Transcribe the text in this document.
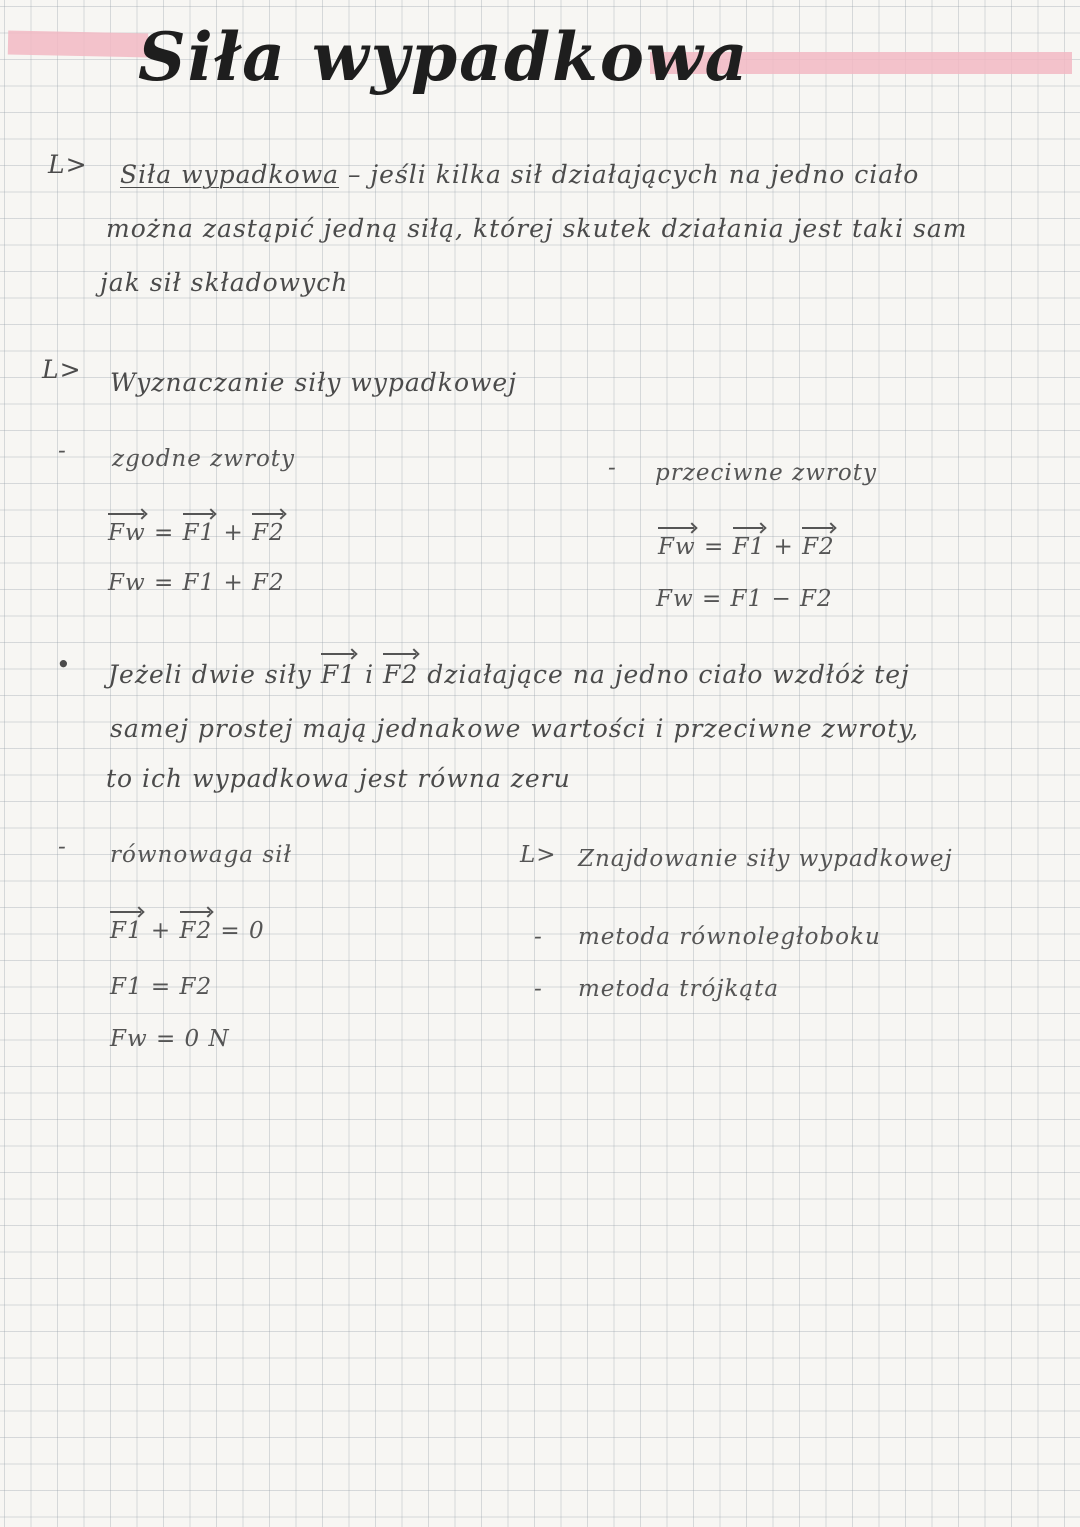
Siła wypadkowa
L> Siła wypadkowa – jeśli kilka sił działających na jedno ciało
można zastąpić jedną siłą, której skutek działania jest taki sam
jak sił składowych
L> Wyznaczanie siły wypadkowej
- zgodne zwroty
Fw = F1 + F2
Fw = F1 + F2
- przeciwne zwroty
Fw = F1 + F2
Fw = F1 − F2
• Jeżeli dwie siły F1 i F2 działające na jedno ciało wzdłóż tej
samej prostej mają jednakowe wartości i przeciwne zwroty,
to ich wypadkowa jest równa zeru
- równowaga sił
F1 + F2 = 0
F1 = F2
Fw = 0 N
L> Znajdowanie siły wypadkowej
- metoda równoległoboku
- metoda trójkąta
